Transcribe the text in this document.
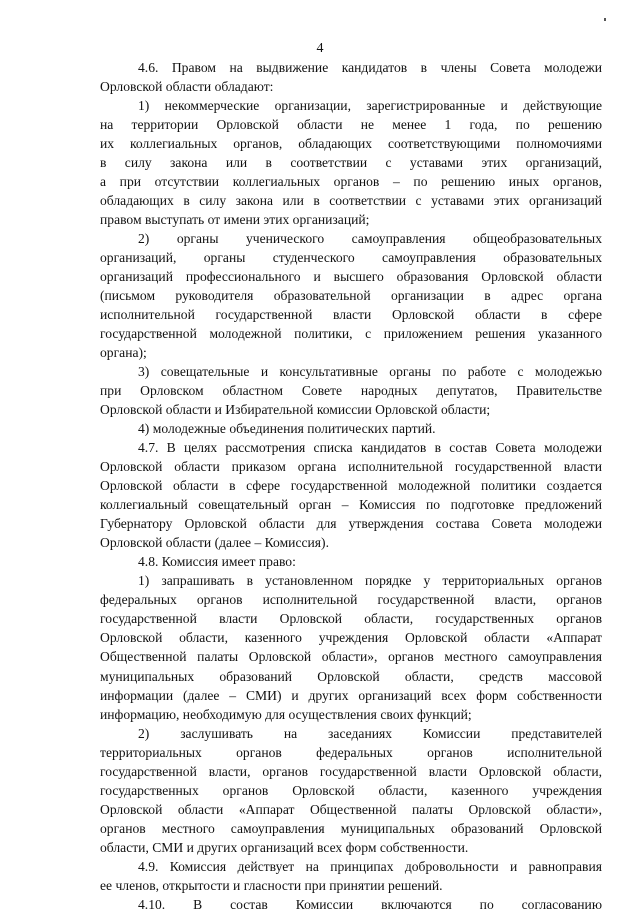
4
4.6. Правом на выдвижение кандидатов в члены Совета молодежи
Орловской области обладают:
1) некоммерческие организации, зарегистрированные и действующие
на территории Орловской области не менее 1 года, по решению
их коллегиальных органов, обладающих соответствующими полномочиями
в силу закона или в соответствии с уставами этих организаций,
а при отсутствии коллегиальных органов – по решению иных органов,
обладающих в силу закона или в соответствии с уставами этих организаций
правом выступать от имени этих организаций;
2) органы ученического самоуправления общеобразовательных
организаций, органы студенческого самоуправления образовательных
организаций профессионального и высшего образования Орловской области
(письмом руководителя образовательной организации в адрес органа
исполнительной государственной власти Орловской области в сфере
государственной молодежной политики, с приложением решения указанного
органа);
3) совещательные и консультативные органы по работе с молодежью
при Орловском областном Совете народных депутатов, Правительстве
Орловской области и Избирательной комиссии Орловской области;
4) молодежные объединения политических партий.
4.7. В целях рассмотрения списка кандидатов в состав Совета молодежи
Орловской области приказом органа исполнительной государственной власти
Орловской области в сфере государственной молодежной политики создается
коллегиальный совещательный орган – Комиссия по подготовке предложений
Губернатору Орловской области для утверждения состава Совета молодежи
Орловской области (далее – Комиссия).
4.8. Комиссия имеет право:
1) запрашивать в установленном порядке у территориальных органов
федеральных органов исполнительной государственной власти, органов
государственной власти Орловской области, государственных органов
Орловской области, казенного учреждения Орловской области «Аппарат
Общественной палаты Орловской области», органов местного самоуправления
муниципальных образований Орловской области, средств массовой
информации (далее – СМИ) и других организаций всех форм собственности
информацию, необходимую для осуществления своих функций;
2) заслушивать на заседаниях Комиссии представителей
территориальных органов федеральных органов исполнительной
государственной власти, органов государственной власти Орловской области,
государственных органов Орловской области, казенного учреждения
Орловской области «Аппарат Общественной палаты Орловской области»,
органов местного самоуправления муниципальных образований Орловской
области, СМИ и других организаций всех форм собственности.
4.9. Комиссия действует на принципах добровольности и равноправия
ее членов, открытости и гласности при принятии решений.
4.10. В состав Комиссии включаются по согласованию
